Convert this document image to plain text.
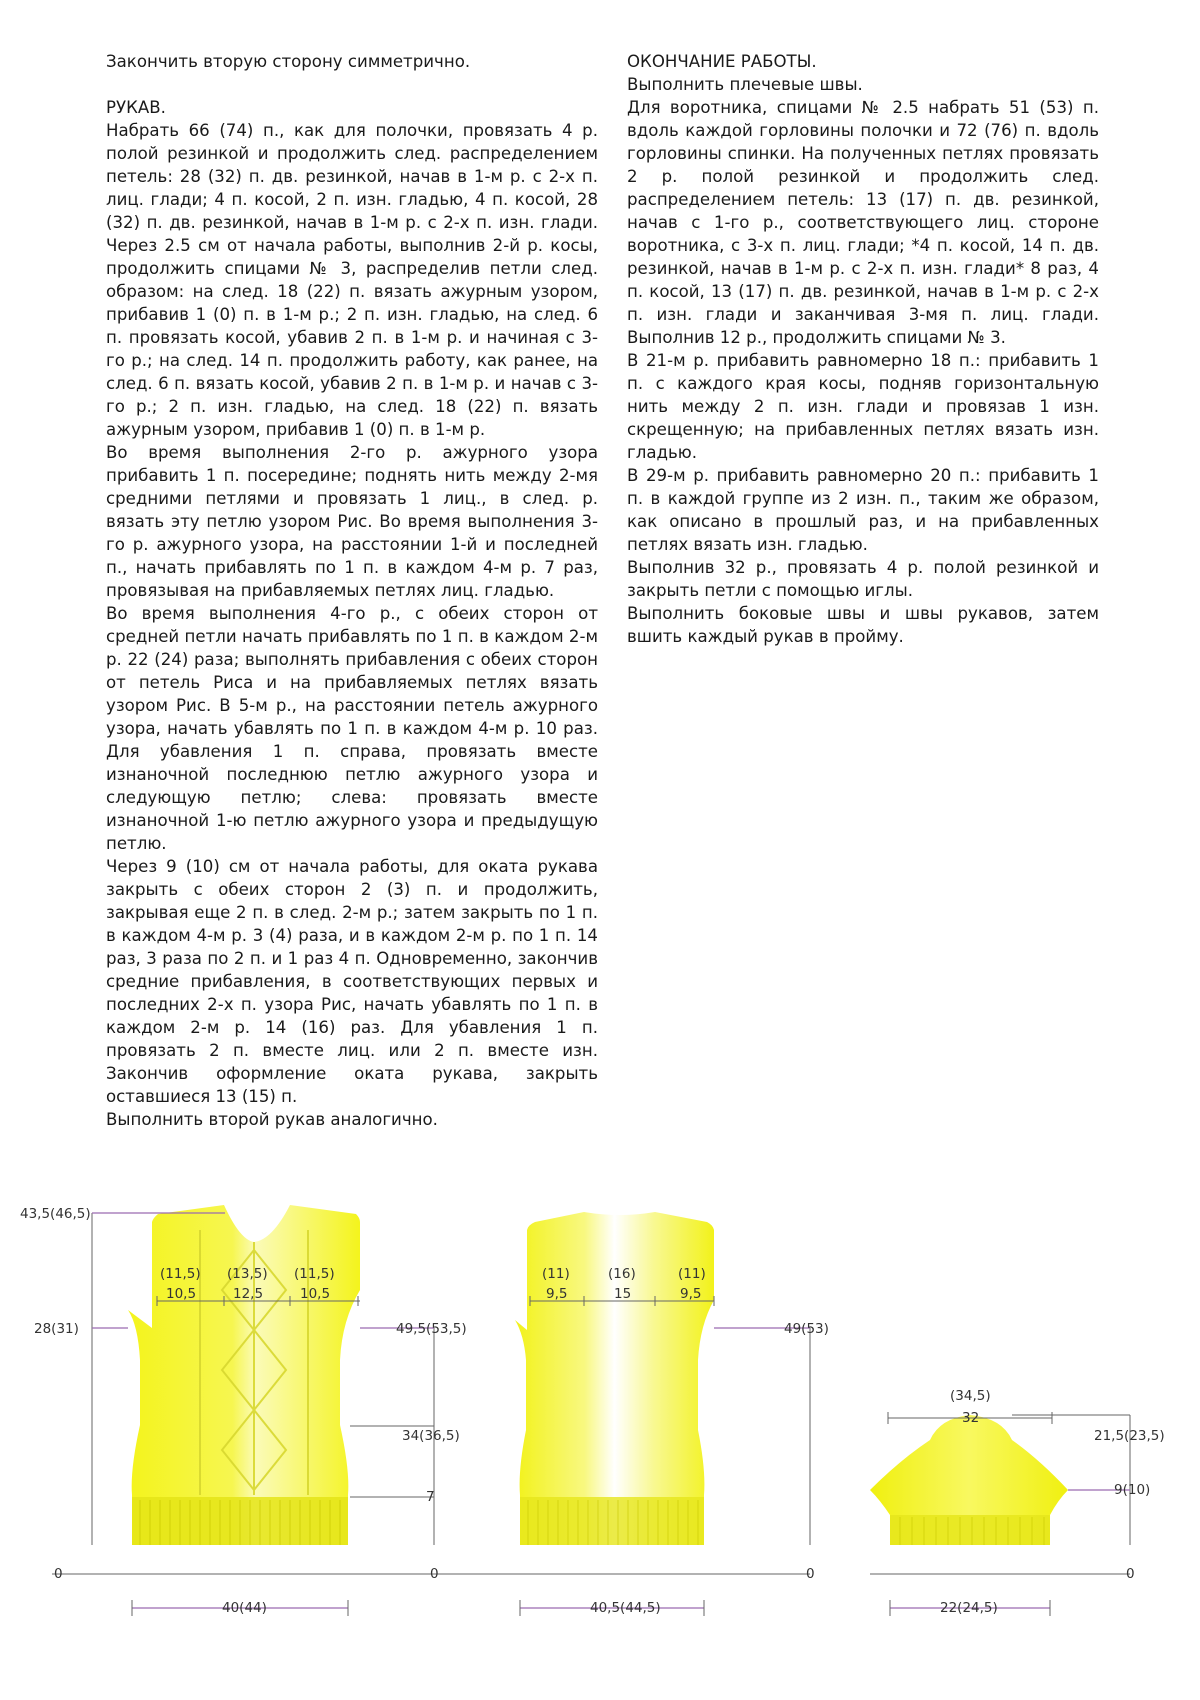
Закончить вторую сторону симметрично.

РУКАВ.

Набрать 66 (74) п., как для полочки, провязать 4 р. полой резинкой и продолжить след. распределением петель: 28 (32) п. дв. резинкой, начав в 1-м р. с 2-х п. лиц. глади; 4 п. косой, 2 п. изн. гладью, 4 п. косой, 28 (32) п. дв. резинкой, начав в 1-м р. с 2-х п. изн. глади. Через 2.5 см от начала работы, выполнив 2-й р. косы, продолжить спицами № 3, распределив петли след. образом: на след. 18 (22) п. вязать ажурным узором, прибавив 1 (0) п. в 1-м р.; 2 п. изн. гладью, на след. 6 п. провязать косой, убавив 2 п. в 1-м р. и начиная с 3-го р.; на след. 14 п. продолжить работу, как ранее, на след. 6 п. вязать косой, убавив 2 п. в 1-м р. и начав с 3-го р.; 2 п. изн. гладью, на след. 18 (22) п. вязать ажурным узором, прибавив 1 (0) п. в 1-м р.

Во время выполнения 2-го р. ажурного узора прибавить 1 п. посередине; поднять нить между 2-мя средними петлями и провязать 1 лиц., в след. р. вязать эту петлю узором Рис. Во время выполнения 3-го р. ажурного узора, на расстоянии 1-й и последней п., начать прибавлять по 1 п. в каждом 4-м р. 7 раз, провязывая на прибавляемых петлях лиц. гладью.

Во время выполнения 4-го р., с обеих сторон от средней петли начать прибавлять по 1 п. в каждом 2-м р. 22 (24) раза; выполнять прибавления с обеих сторон от петель Риса и на прибавляемых петлях вязать узором Рис. В 5-м р., на расстоянии петель ажурного узора, начать убавлять по 1 п. в каждом 4-м р. 10 раз. Для убавления 1 п. справа, провязать вместе изнаночной последнюю петлю ажурного узора и следующую петлю; слева: провязать вместе изнаночной 1-ю петлю ажурного узора и предыдущую петлю.

Через 9 (10) см от начала работы, для оката рукава закрыть с обеих сторон 2 (3) п. и продолжить, закрывая еще 2 п. в след. 2-м р.; затем закрыть по 1 п. в каждом 4-м р. 3 (4) раза, и в каждом 2-м р. по 1 п. 14 раз, 3 раза по 2 п. и 1 раз 4 п. Одновременно, закончив средние прибавления, в соответствующих первых и последних 2-х п. узора Рис, начать убавлять по 1 п. в каждом 2-м р. 14 (16) раз. Для убавления 1 п. провязать 2 п. вместе лиц. или 2 п. вместе изн. Закончив оформление оката рукава, закрыть оставшиеся 13 (15) п.

Выполнить второй рукав аналогично.

ОКОНЧАНИЕ РАБОТЫ.

Выполнить плечевые швы.

Для воротника, спицами № 2.5 набрать 51 (53) п. вдоль каждой горловины полочки и 72 (76) п. вдоль горловины спинки. На полученных петлях провязать 2 р. полой резинкой и продолжить след. распределением петель: 13 (17) п. дв. резинкой, начав с 1-го р., соответствующего лиц. стороне воротника, с 3-х п. лиц. глади; *4 п. косой, 14 п. дв. резинкой, начав в 1-м р. с 2-х п. изн. глади* 8 раз, 4 п. косой, 13 (17) п. дв. резинкой, начав в 1-м р. с 2-х п. изн. глади и заканчивая 3-мя п. лиц. глади. Выполнив 12 р., продолжить спицами № 3.

В 21-м р. прибавить равномерно 18 п.: прибавить 1 п. с каждого края косы, подняв горизонтальную нить между 2 п. изн. глади и провязав 1 изн. скрещенную; на прибавленных петлях вязать изн. гладью.

В 29-м р. прибавить равномерно 20 п.: прибавить 1 п. в каждой группе из 2 изн. п., таким же образом, как описано в прошлый раз, и на прибавленных петлях вязать изн. гладью.

Выполнив 32 р., провязать 4 р. полой резинкой и закрыть петли с помощью иглы.

Выполнить боковые швы и швы рукавов, затем вшить каждый рукав в пройму.

(11,5) (13,5) (11,5)
10,5	12,5	10,5
49,5(53,5)
43,5(46,5)
34(36,5)
28(31)
7
0	0
40(44)
(11)	(16)	(11)
9,5	15	9,5
49(53)
0
40,5(44,5)
(34,5)
32
21,5(23,5)
9(10)
0
22(24,5)
